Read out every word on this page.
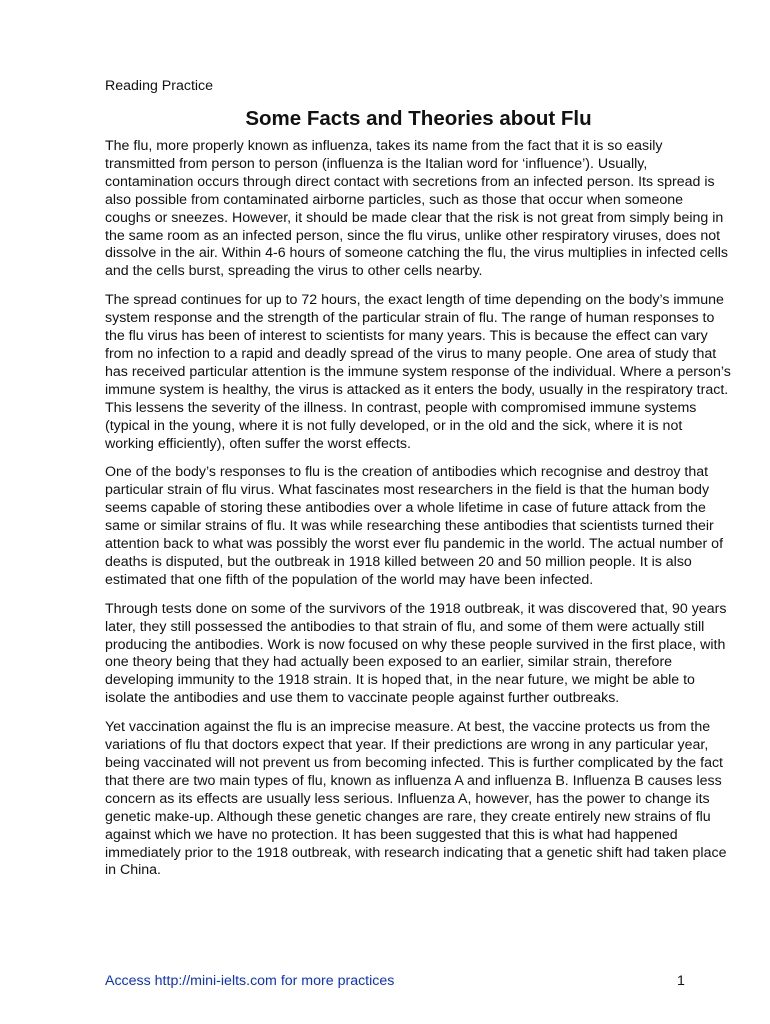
Reading Practice
Some Facts and Theories about Flu

The flu, more properly known as influenza, takes its name from the fact that it is so easily transmitted from person to person (influenza is the Italian word for ‘influence’). Usually, contamination occurs through direct contact with secretions from an infected person. Its spread is also possible from contaminated airborne particles, such as those that occur when someone coughs or sneezes. However, it should be made clear that the risk is not great from simply being in the same room as an infected person, since the flu virus, unlike other respiratory viruses, does not dissolve in the air. Within 4-6 hours of someone catching the flu, the virus multiplies in infected cells and the cells burst, spreading the virus to other cells nearby.

The spread continues for up to 72 hours, the exact length of time depending on the body’s immune system response and the strength of the particular strain of flu. The range of human responses to the flu virus has been of interest to scientists for many years. This is because the effect can vary from no infection to a rapid and deadly spread of the virus to many people. One area of study that has received particular attention is the immune system response of the individual. Where a person’s immune system is healthy, the virus is attacked as it enters the body, usually in the respiratory tract. This lessens the severity of the illness. In contrast, people with compromised immune systems (typical in the young, where it is not fully developed, or in the old and the sick, where it is not working efficiently), often suffer the worst effects.

One of the body’s responses to flu is the creation of antibodies which recognise and destroy that particular strain of flu virus. What fascinates most researchers in the field is that the human body seems capable of storing these antibodies over a whole lifetime in case of future attack from the same or similar strains of flu. It was while researching these antibodies that scientists turned their attention back to what was possibly the worst ever flu pandemic in the world. The actual number of deaths is disputed, but the outbreak in 1918 killed between 20 and 50 million people. It is also estimated that one fifth of the population of the world may have been infected.

Through tests done on some of the survivors of the 1918 outbreak, it was discovered that, 90 years later, they still possessed the antibodies to that strain of flu, and some of them were actually still producing the antibodies. Work is now focused on why these people survived in the first place, with one theory being that they had actually been exposed to an earlier, similar strain, therefore developing immunity to the 1918 strain. It is hoped that, in the near future, we might be able to isolate the antibodies and use them to vaccinate people against further outbreaks.

Yet vaccination against the flu is an imprecise measure. At best, the vaccine protects us from the variations of flu that doctors expect that year. If their predictions are wrong in any particular year, being vaccinated will not prevent us from becoming infected. This is further complicated by the fact that there are two main types of flu, known as influenza A and influenza B. Influenza B causes less concern as its effects are usually less serious. Influenza A, however, has the power to change its genetic make-up. Although these genetic changes are rare, they create entirely new strains of flu against which we have no protection. It has been suggested that this is what had happened immediately prior to the 1918 outbreak, with research indicating that a genetic shift had taken place in China.

Access http://mini-ielts.com for more practices	1
